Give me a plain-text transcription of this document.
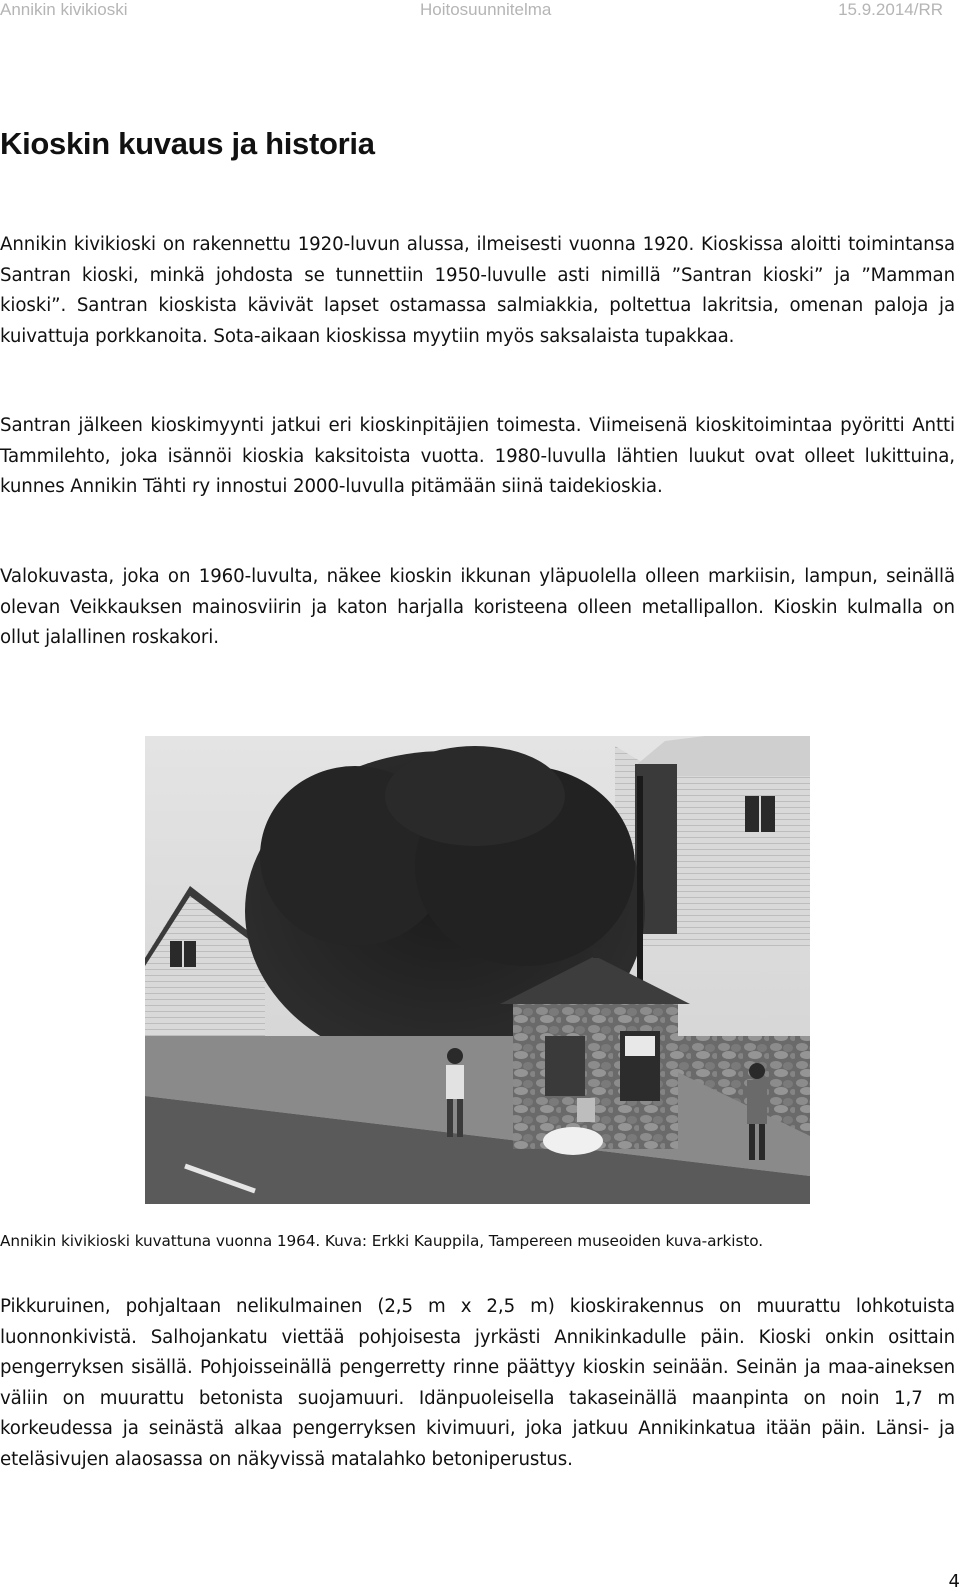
Annikin kivikioski	Hoitosuunnitelma	15.9.2014/RR
Kioskin kuvaus ja historia

Annikin kivikioski on rakennettu 1920-luvun alussa, ilmeisesti vuonna 1920. Kioskissa aloitti toimintansa Santran kioski, minkä johdosta se tunnettiin 1950-luvulle asti nimillä ”Santran kioski” ja ”Mamman kioski”. Santran kioskista kävivät lapset ostamassa salmiakkia, poltettua lakritsia, omenan paloja ja kuivattuja porkkanoita. Sota-aikaan kioskissa myytiin myös saksalaista tupakkaa.

Santran jälkeen kioskimyynti jatkui eri kioskinpitäjien toimesta. Viimeisenä kioskitoimintaa pyöritti Antti Tammilehto, joka isännöi kioskia kaksitoista vuotta. 1980-luvulla lähtien luukut ovat olleet lukittuina, kunnes Annikin Tähti ry innostui 2000-luvulla pitämään siinä taidekioskia.

Valokuvasta, joka on 1960-luvulta, näkee kioskin ikkunan yläpuolella olleen markiisin, lampun, seinällä olevan Veikkauksen mainosviirin ja katon harjalla koristeena olleen metallipallon. Kioskin kulmalla on ollut jalallinen roskakori.

Annikin kivikioski kuvattuna vuonna 1964. Kuva: Erkki Kauppila, Tampereen museoiden kuva-arkisto.

Pikkuruinen, pohjaltaan nelikulmainen (2,5 m x 2,5 m) kioskirakennus on muurattu lohkotuista luonnonkivistä. Salhojankatu viettää pohjoisesta jyrkästi Annikinkadulle päin. Kioski onkin osittain pengerryksen sisällä. Pohjoisseinällä pengerretty rinne päättyy kioskin seinään. Seinän ja maa-aineksen väliin on muurattu betonista suojamuuri. Idänpuoleisella takaseinällä maanpinta on noin 1,7 m korkeudessa ja seinästä alkaa pengerryksen kivimuuri, joka jatkuu Annikinkatua itään päin. Länsi- ja eteläsivujen alaosassa on näkyvissä matalahko betoniperustus.

4
